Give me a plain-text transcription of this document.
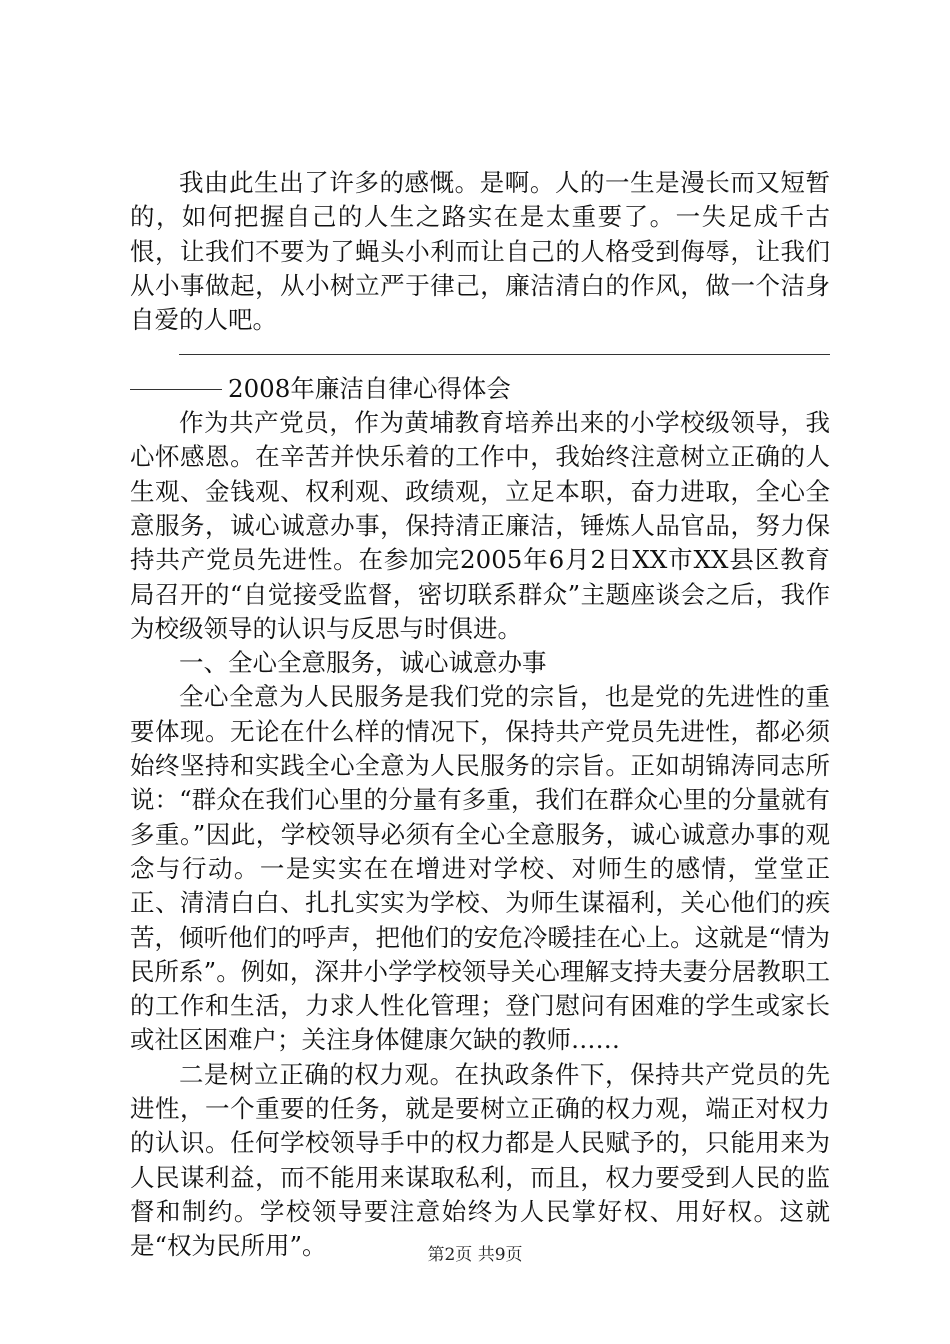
我由此生出了许多的感慨。是啊。人的一生是漫长而又短暂的，如何把握自己的人生之路实在是太重要了。一失足成千古恨，让我们不要为了蝇头小利而让自己的人格受到侮辱，让我们从小事做起，从小树立严于律己，廉洁清白的作风，做一个洁身自爱的人吧。

2008年廉洁自律心得体会

作为共产党员，作为黄埔教育培养出来的小学校级领导，我心怀感恩。在辛苦并快乐着的工作中，我始终注意树立正确的人生观、金钱观、权利观、政绩观，立足本职，奋力进取，全心全意服务，诚心诚意办事，保持清正廉洁，锤炼人品官品，努力保持共产党员先进性。在参加完2005年6月2日XX市XX县区教育局召开的“自觉接受监督，密切联系群众”主题座谈会之后，我作为校级领导的认识与反思与时俱进。

一、全心全意服务，诚心诚意办事

全心全意为人民服务是我们党的宗旨，也是党的先进性的重要体现。无论在什么样的情况下，保持共产党员先进性，都必须始终坚持和实践全心全意为人民服务的宗旨。正如胡锦涛同志所说：“群众在我们心里的分量有多重，我们在群众心里的分量就有多重。”因此，学校领导必须有全心全意服务，诚心诚意办事的观念与行动。一是实实在在增进对学校、对师生的感情，堂堂正正、清清白白、扎扎实实为学校、为师生谋福利，关心他们的疾苦，倾听他们的呼声，把他们的安危冷暖挂在心上。这就是“情为民所系”。例如，深井小学学校领导关心理解支持夫妻分居教职工的工作和生活，力求人性化管理；登门慰问有困难的学生或家长或社区困难户；关注身体健康欠缺的教师……

二是树立正确的权力观。在执政条件下，保持共产党员的先进性，一个重要的任务，就是要树立正确的权力观，端正对权力的认识。任何学校领导手中的权力都是人民赋予的，只能用来为人民谋利益，而不能用来谋取私利，而且，权力要受到人民的监督和制约。学校领导要注意始终为人民掌好权、用好权。这就是“权为民所用”。	第2页 共9页
